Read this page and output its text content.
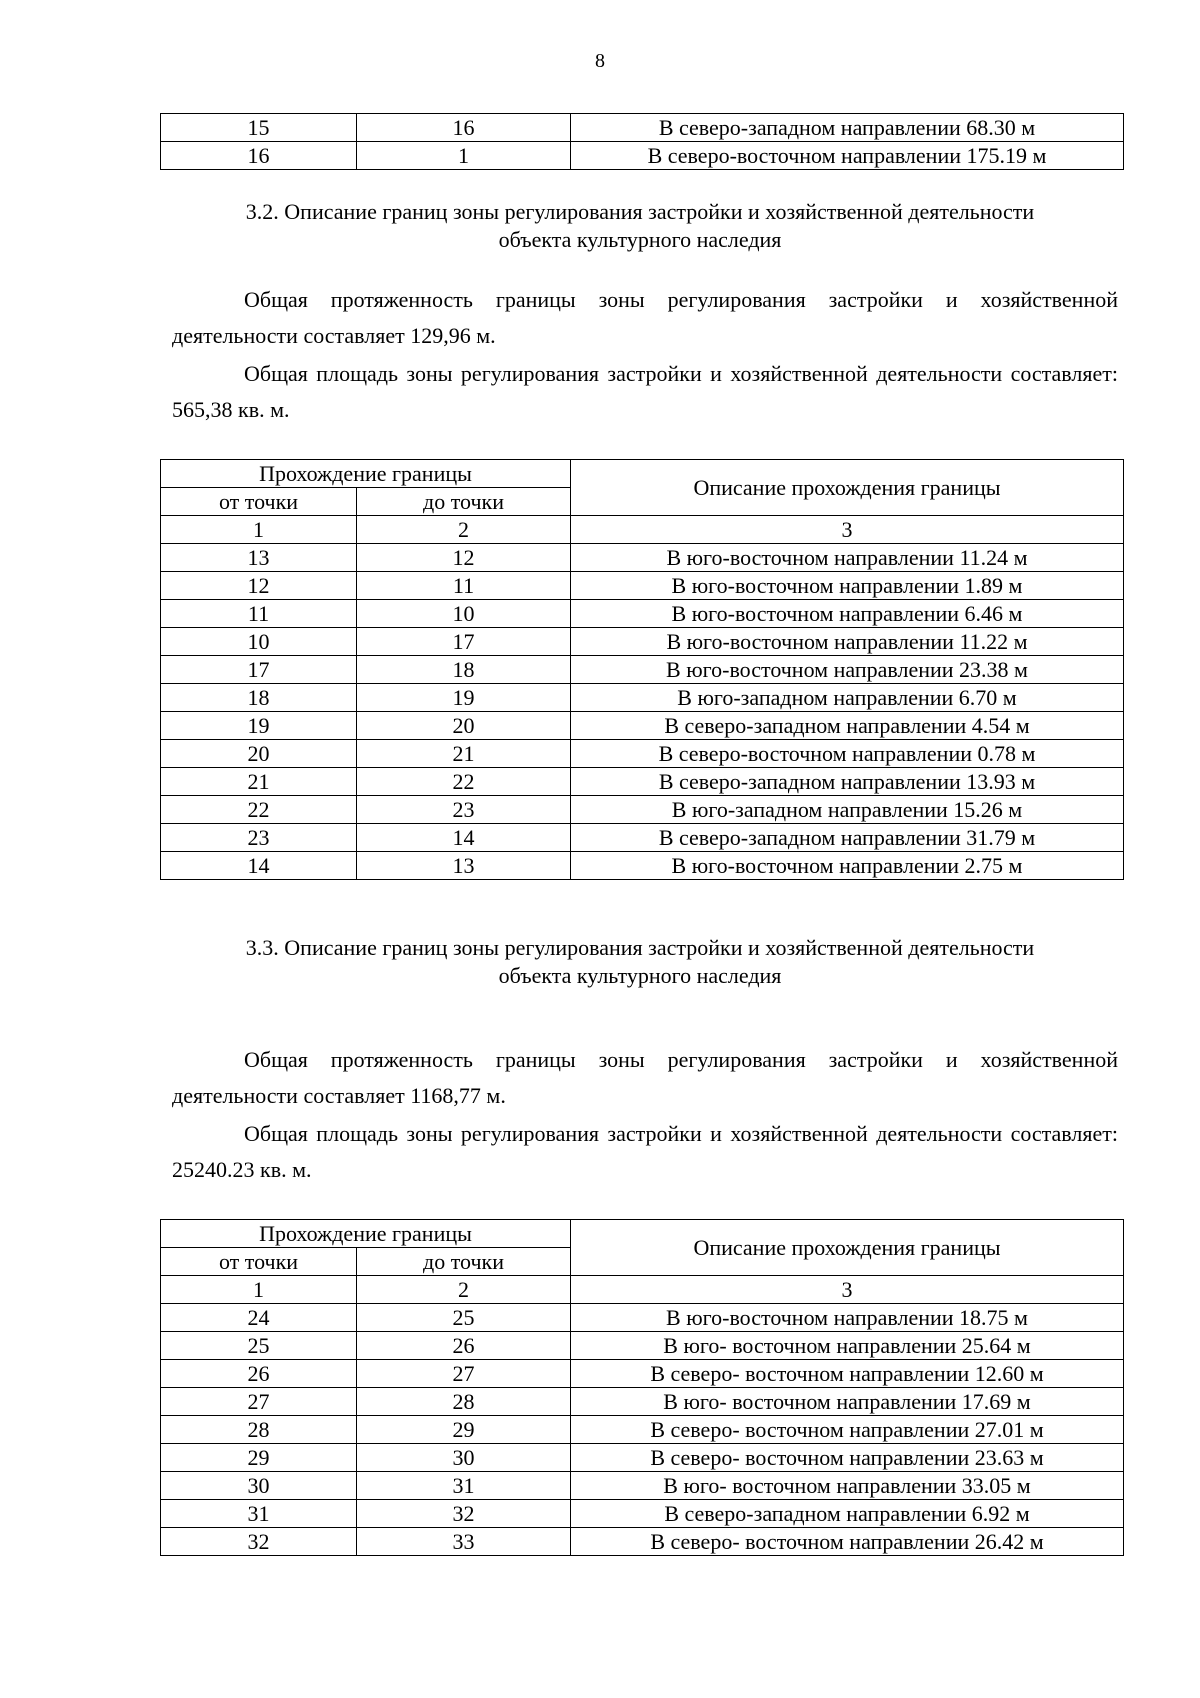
8
15	16	В северо-западном направлении 68.30 м
16	1	В северо-восточном направлении 175.19 м
3.2. Описание границ зоны регулирования застройки и хозяйственной деятельности
объекта культурного наследия

Общая протяженность границы зоны регулирования застройки и хозяйственной деятельности составляет 129,96 м.

Общая площадь зоны регулирования застройки и хозяйственной деятельности составляет: 565,38 кв. м.

Прохождение границы		Описание прохождения границы
от точки	до точки	
1	2	3
13	12	В юго-восточном направлении 11.24 м
12	11	В юго-восточном направлении 1.89 м
11	10	В юго-восточном направлении 6.46 м
10	17	В юго-восточном направлении 11.22 м
17	18	В юго-восточном направлении 23.38 м
18	19	В юго-западном направлении 6.70 м
19	20	В северо-западном направлении 4.54 м
20	21	В северо-восточном направлении 0.78 м
21	22	В северо-западном направлении 13.93 м
22	23	В юго-западном направлении 15.26 м
23	14	В северо-западном направлении 31.79 м
14	13	В юго-восточном направлении 2.75 м
3.3. Описание границ зоны регулирования застройки и хозяйственной деятельности
объекта культурного наследия

Общая протяженность границы зоны регулирования застройки и хозяйственной деятельности составляет 1168,77 м.

Общая площадь зоны регулирования застройки и хозяйственной деятельности составляет: 25240.23 кв. м.

Прохождение границы		Описание прохождения границы
от точки	до точки	
1	2	3
24	25	В юго-восточном направлении 18.75 м
25	26	В юго- восточном направлении 25.64 м
26	27	В северо- восточном направлении 12.60 м
27	28	В юго- восточном направлении 17.69 м
28	29	В северо- восточном направлении 27.01 м
29	30	В северо- восточном направлении 23.63 м
30	31	В юго- восточном направлении 33.05 м
31	32	В северо-западном направлении 6.92 м
32	33	В северо- восточном направлении 26.42 м
